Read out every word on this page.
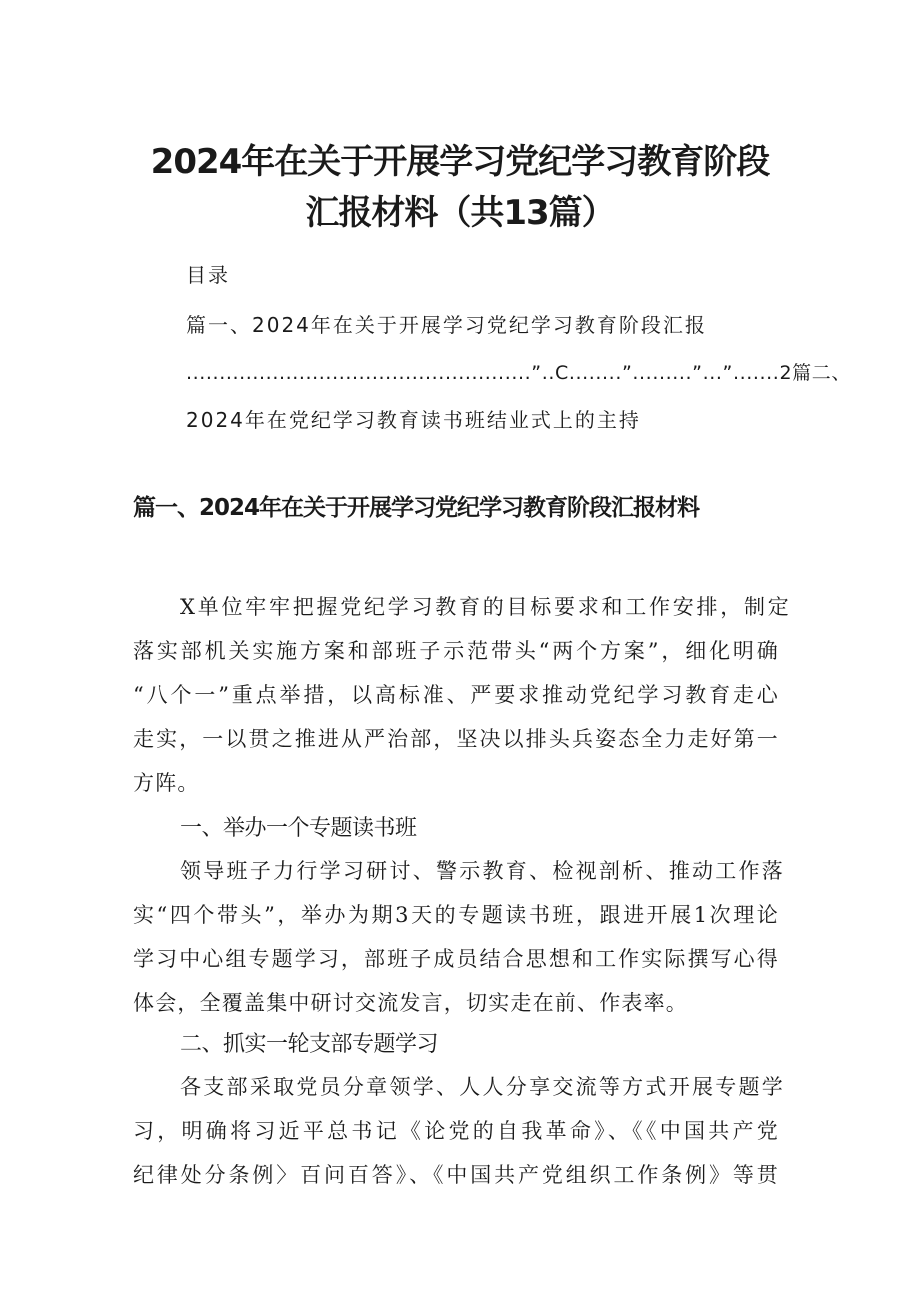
2024年在关于开展学习党纪学习教育阶段
汇报材料（共13篇）
目录
篇一、2024年在关于开展学习党纪学习教育阶段汇报
....................................................”..C........”.........”...”.......2篇二、
2024年在党纪学习教育读书班结业式上的主持
篇一、2024年在关于开展学习党纪学习教育阶段汇报材料
X单位牢牢把握党纪学习教育的目标要求和工作安排，制定
落实部机关实施方案和部班子示范带头“两个方案”，细化明确
“八个一”重点举措，以高标准、严要求推动党纪学习教育走心
走实，一以贯之推进从严治部，坚决以排头兵姿态全力走好第一
方阵。
一、举办一个专题读书班
领导班子力行学习研讨、警示教育、检视剖析、推动工作落
实“四个带头”，举办为期3天的专题读书班，跟进开展1次理论
学习中心组专题学习，部班子成员结合思想和工作实际撰写心得
体会，全覆盖集中研讨交流发言，切实走在前、作表率。
二、抓实一轮支部专题学习
各支部采取党员分章领学、人人分享交流等方式开展专题学
习，明确将习近平总书记《论党的自我革命》、《《中国共产党
纪律处分条例〉百问百答》、《中国共产党组织工作条例》等贯
